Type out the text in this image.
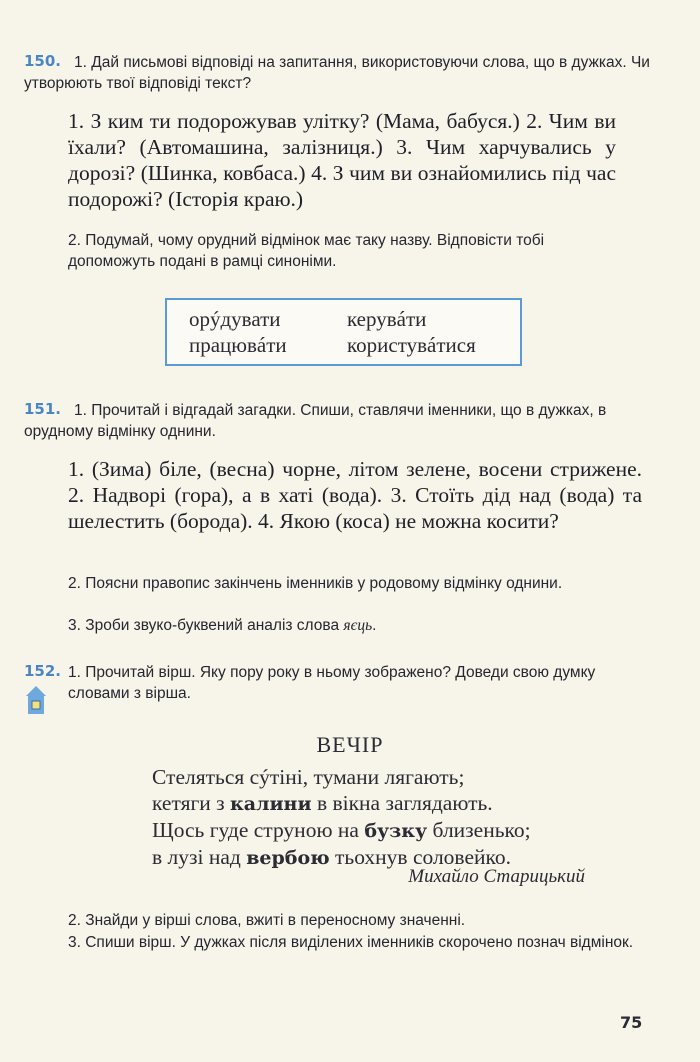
150. 1. Дай письмові відповіді на запитання, використовуючи слова, що в дужках. Чи утворюють твої відповіді текст?
1. З ким ти подорожував улітку? (Мама, бабуся.) 2. Чим ви їхали? (Автомашина, залізниця.) 3. Чим харчувались у дорозі? (Шинка, ковбаса.) 4. З чим ви ознайомились під час подорожі? (Історія краю.)
2. Подумай, чому орудний відмінок має таку назву. Відповісти тобі допоможуть подані в рамці синоніми.
орýдувати	керувáти
працювáти	користувáтися
151. 1. Прочитай і відгадай загадки. Спиши, ставлячи іменники, що в дужках, в орудному відмінку однини.
1. (Зима) біле, (весна) чорне, літом зелене, восени стрижене. 2. Надворі (гора), а в хаті (вода). 3. Стоїть дід над (вода) та шелестить (борода). 4. Якою (коса) не можна косити?
2. Поясни правопис закінчень іменників у родовому відмінку однини.
3. Зроби звуко-буквений аналіз слова яєць.
152. 1. Прочитай вірш. Яку пору року в ньому зображено? Доведи свою думку словами з вірша.
ВЕЧІР
Стеляться сýтіні, тумани лягають;
кетяги з калини в вікна заглядають.
Щось гуде струною на бузку близенько;
в лузі над вербою тьохнув соловейко.
Михайло Старицький
2. Знайди у вірші слова, вжиті в переносному значенні.
3. Спиши вірш. У дужках після виділених іменників скорочено познач відмінок.
75
